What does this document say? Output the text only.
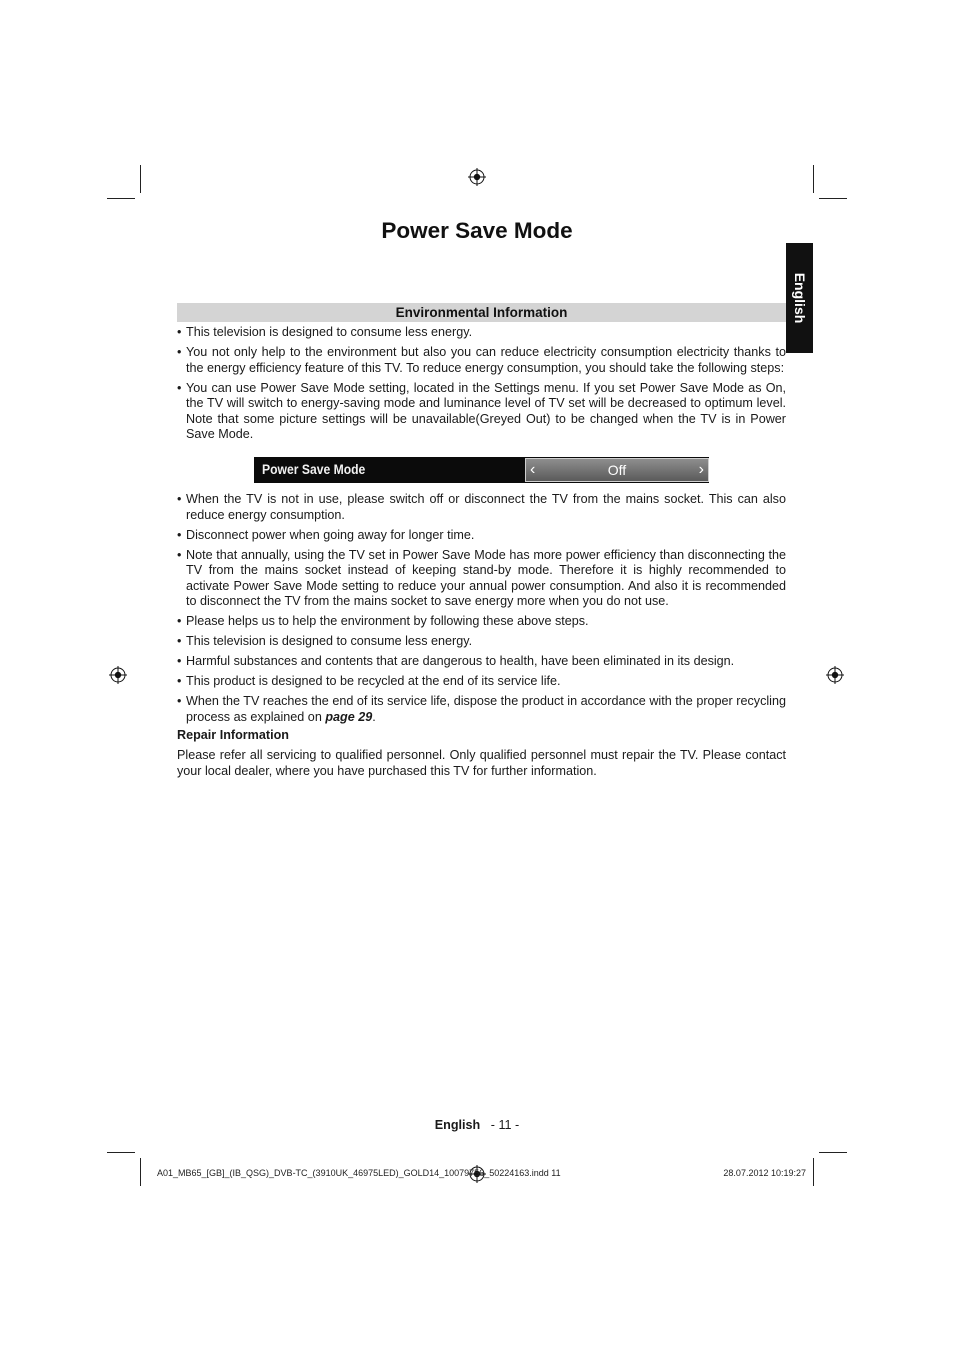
Power Save Mode
English
Environmental Information
• This television is designed to consume less energy.
• You not only help to the environment but also you can reduce electricity consumption electricity thanks to the energy efficiency feature of this TV. To reduce energy consumption, you should take the following steps:
• You can use Power Save Mode setting, located in the Settings menu. If you set Power Save Mode as On, the TV will switch to energy-saving mode and luminance level of TV set will be decreased to optimum level. Note that some picture settings will be unavailable(Greyed Out) to be changed when the TV is in Power Save Mode.
Power Save Mode	‹	Off	›
• When the TV is not in use, please switch off or disconnect the TV from the mains socket. This can also reduce energy consumption.
• Disconnect power when going away for longer time.
• Note that annually, using the TV set in Power Save Mode has more power efficiency than disconnecting the TV from the mains socket instead of keeping stand-by mode. Therefore it is highly recommended to activate Power Save Mode setting to reduce your annual power consumption. And also it is recommended to disconnect the TV from the mains socket to save energy more when you do not use.
• Please helps us to help the environment by following these above steps.
• This television is designed to consume less energy.
• Harmful substances and contents that are dangerous to health, have been eliminated in its design.
• This product is designed to be recycled at the end of its service life.
• When the TV reaches the end of its service life, dispose the product in accordance with the proper recycling process as explained on page 29.
Repair Information
Please refer all servicing to qualified personnel. Only qualified personnel must repair the TV. Please contact your local dealer, where you have purchased this TV for further information.
English - 11 -
A01_MB65_[GB]_(IB_QSG)_DVB-TC_(3910UK_46975LED)_GOLD14_10079756_50224163.indd 11	28.07.2012 10:19:27
